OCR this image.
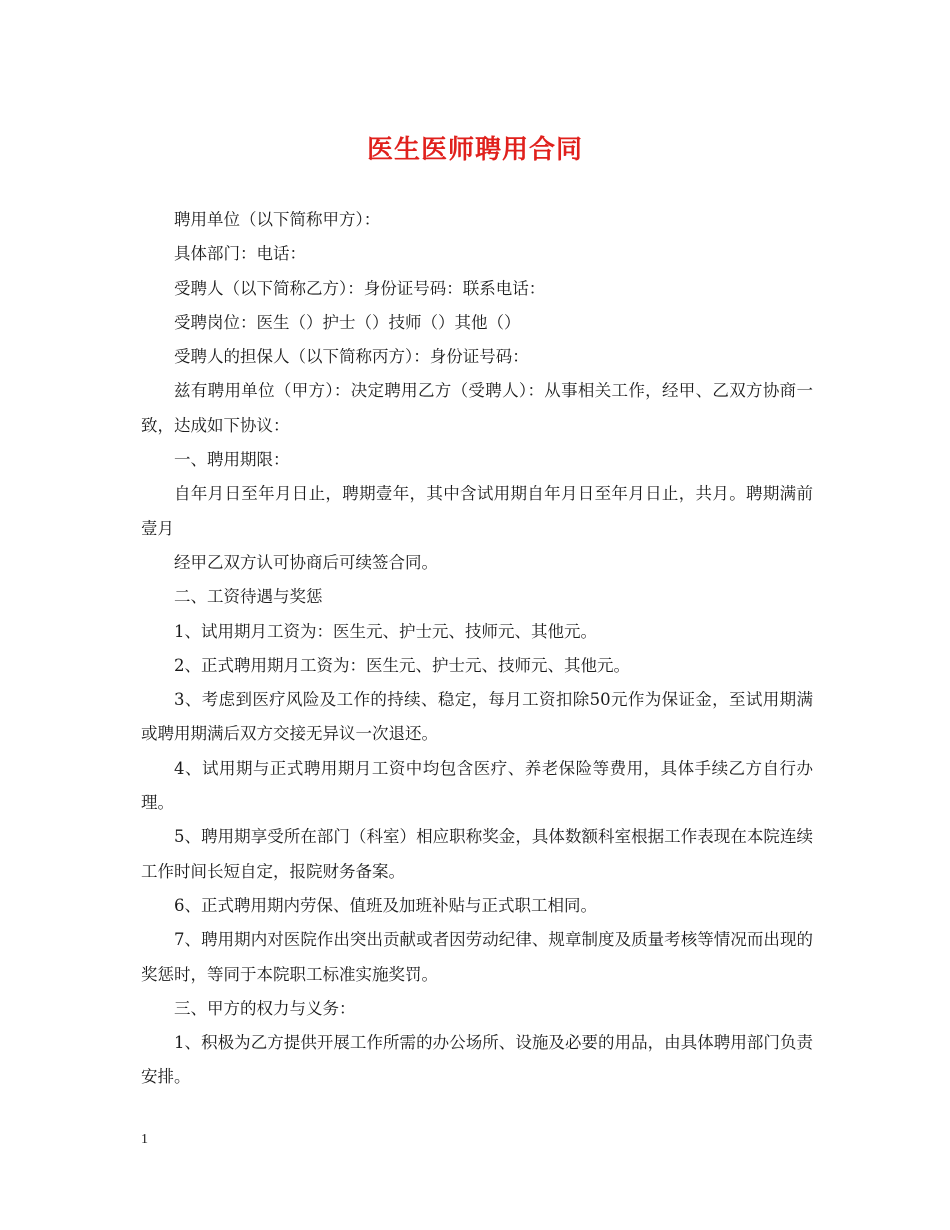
医生医师聘用合同

聘用单位（以下简称甲方）：

具体部门：电话：

受聘人（以下简称乙方）：身份证号码：联系电话：

受聘岗位：医生（）护士（）技师（）其他（）

受聘人的担保人（以下简称丙方）：身份证号码：

兹有聘用单位（甲方）：决定聘用乙方（受聘人）：从事相关工作，经甲、乙双方协商一致，达成如下协议：

一、聘用期限：

自年月日至年月日止，聘期壹年，其中含试用期自年月日至年月日止，共月。聘期满前壹月

经甲乙双方认可协商后可续签合同。

二、工资待遇与奖惩

1、试用期月工资为：医生元、护士元、技师元、其他元。

2、正式聘用期月工资为：医生元、护士元、技师元、其他元。

3、考虑到医疗风险及工作的持续、稳定，每月工资扣除50元作为保证金，至试用期满或聘用期满后双方交接无异议一次退还。

4、试用期与正式聘用期月工资中均包含医疗、养老保险等费用，具体手续乙方自行办理。

5、聘用期享受所在部门（科室）相应职称奖金，具体数额科室根据工作表现在本院连续工作时间长短自定，报院财务备案。

6、正式聘用期内劳保、值班及加班补贴与正式职工相同。

7、聘用期内对医院作出突出贡献或者因劳动纪律、规章制度及质量考核等情况而出现的奖惩时，等同于本院职工标准实施奖罚。

三、甲方的权力与义务：

1、积极为乙方提供开展工作所需的办公场所、设施及必要的用品，由具体聘用部门负责安排。

1
